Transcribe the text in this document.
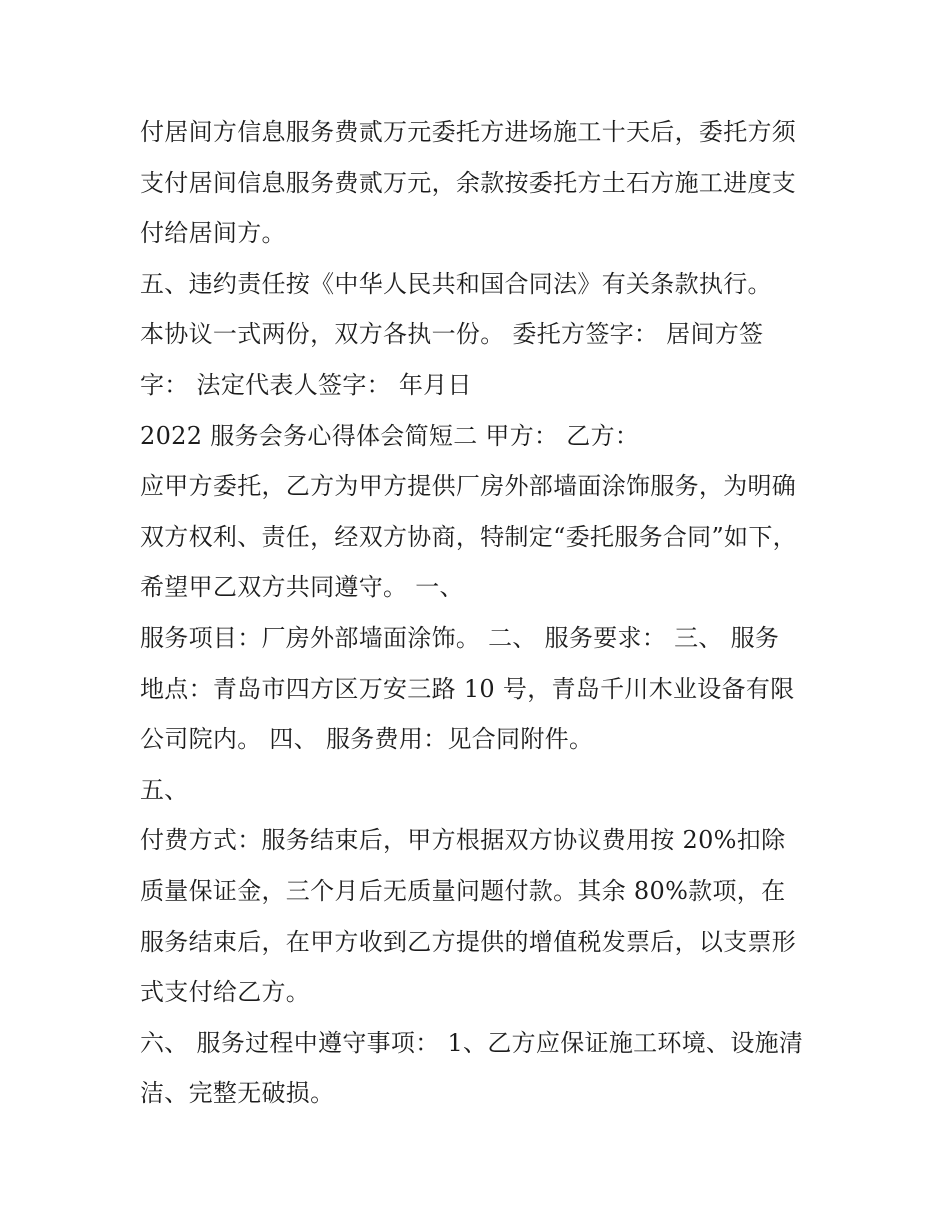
付居间方信息服务费贰万元委托方进场施工十天后，委托方须
支付居间信息服务费贰万元，余款按委托方土石方施工进度支
付给居间方。
五、违约责任按《中华人民共和国合同法》有关条款执行。
本协议一式两份，双方各执一份。 委托方签字： 居间方签
字： 法定代表人签字： 年月日
2022 服务会务心得体会简短二 甲方： 乙方：
应甲方委托，乙方为甲方提供厂房外部墙面涂饰服务，为明确
双方权利、责任，经双方协商，特制定“委托服务合同”如下，
希望甲乙双方共同遵守。 一、
服务项目：厂房外部墙面涂饰。 二、 服务要求： 三、 服务
地点：青岛市四方区万安三路 10 号，青岛千川木业设备有限
公司院内。 四、 服务费用：见合同附件。
五、
付费方式：服务结束后，甲方根据双方协议费用按 20%扣除
质量保证金，三个月后无质量问题付款。其余 80%款项，在
服务结束后，在甲方收到乙方提供的增值税发票后，以支票形
式支付给乙方。
六、 服务过程中遵守事项： 1、乙方应保证施工环境、设施清
洁、完整无破损。
